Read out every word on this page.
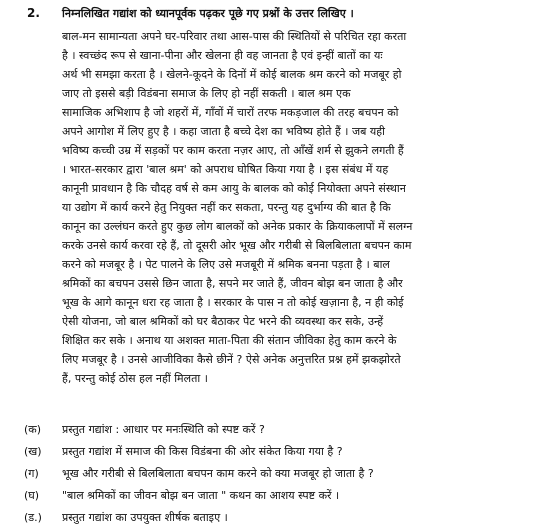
2. निम्नलिखित गद्यांश को ध्यानपूर्वक पढ़कर पूछे गए प्रश्नों के उत्तर लिखिए ।
बाल-मन सामान्यता अपने घर-परिवार तथा आस-पास की स्थितियों से परिचित रहा करता
है । स्वच्छंद रूप से खाना-पीना और खेलना ही वह जानता है एवं इन्हीं बातों का यः
अर्थ भी समझा करता है । खेलने-कूदने के दिनों में कोई बालक श्रम करने को मजबूर हो
जाए तो इससे बड़ी विडंबना समाज के लिए हो नहीं सकती । बाल श्रम एक
सामाजिक अभिशाप है जो शहरों में, गाँवों में चारों तरफ मकड़जाल की तरह बचपन को
अपने आगोश में लिए हुए है । कहा जाता है बच्चे देश का भविष्य होते हैं । जब यही
भविष्य कच्ची उम्र में सड़कों पर काम करता नज़र आए, तो आँखें शर्म से झुकने लगती हैं
। भारत-सरकार द्वारा 'बाल श्रम' को अपराध घोषित किया गया है । इस संबंध में यह
कानूनी प्रावधान है कि चौदह वर्ष से कम आयु के बालक को कोई नियोक्ता अपने संस्थान
या उद्योग में कार्य करने हेतु नियुक्त नहीं कर सकता, परन्तु यह दुर्भाग्य की बात है कि
कानून का उल्लंघन करते हुए कुछ लोग बालकों को अनेक प्रकार के क्रियाकलापों में सलग्न
करके उनसे कार्य करवा रहे हैं, तो दूसरी ओर भूख और गरीबी से बिलबिलाता बचपन काम
करने को मजबूर है । पेट पालने के लिए उसे मजबूरी में श्रमिक बनना पड़ता है । बाल
श्रमिकों का बचपन उससे छिन जाता है, सपने मर जाते हैं, जीवन बोझ बन जाता है और
भूख के आगे कानून धरा रह जाता है । सरकार के पास न तो कोई खज़ाना है, न ही कोई
ऐसी योजना, जो बाल श्रमिकों को घर बैठाकर पेट भरने की व्यवस्था कर सके, उन्हें
शिक्षित कर सके । अनाथ या अशक्त माता-पिता की संतान जीविका हेतु काम करने के
लिए मजबूर है । उनसे आजीविका कैसे छीनें ? ऐसे अनेक अनुत्तरित प्रश्न हमें झकझोरते
हैं, परन्तु कोई ठोस हल नहीं मिलता ।
(क) प्रस्तुत गद्यांश : आधार पर मनःस्थिति को स्पष्ट करें ?
(ख) प्रस्तुत गद्यांश में समाज की किस विडंबना की ओर संकेत किया गया है ?
(ग) भूख और गरीबी से बिलबिलाता बचपन काम करने को क्या मजबूर हो जाता है ?
(घ) "बाल श्रमिकों का जीवन बोझ बन जाता " कथन का आशय स्पष्ट करें ।
(ड.) प्रस्तुत गद्यांश का उपयुक्त शीर्षक बताइए ।
